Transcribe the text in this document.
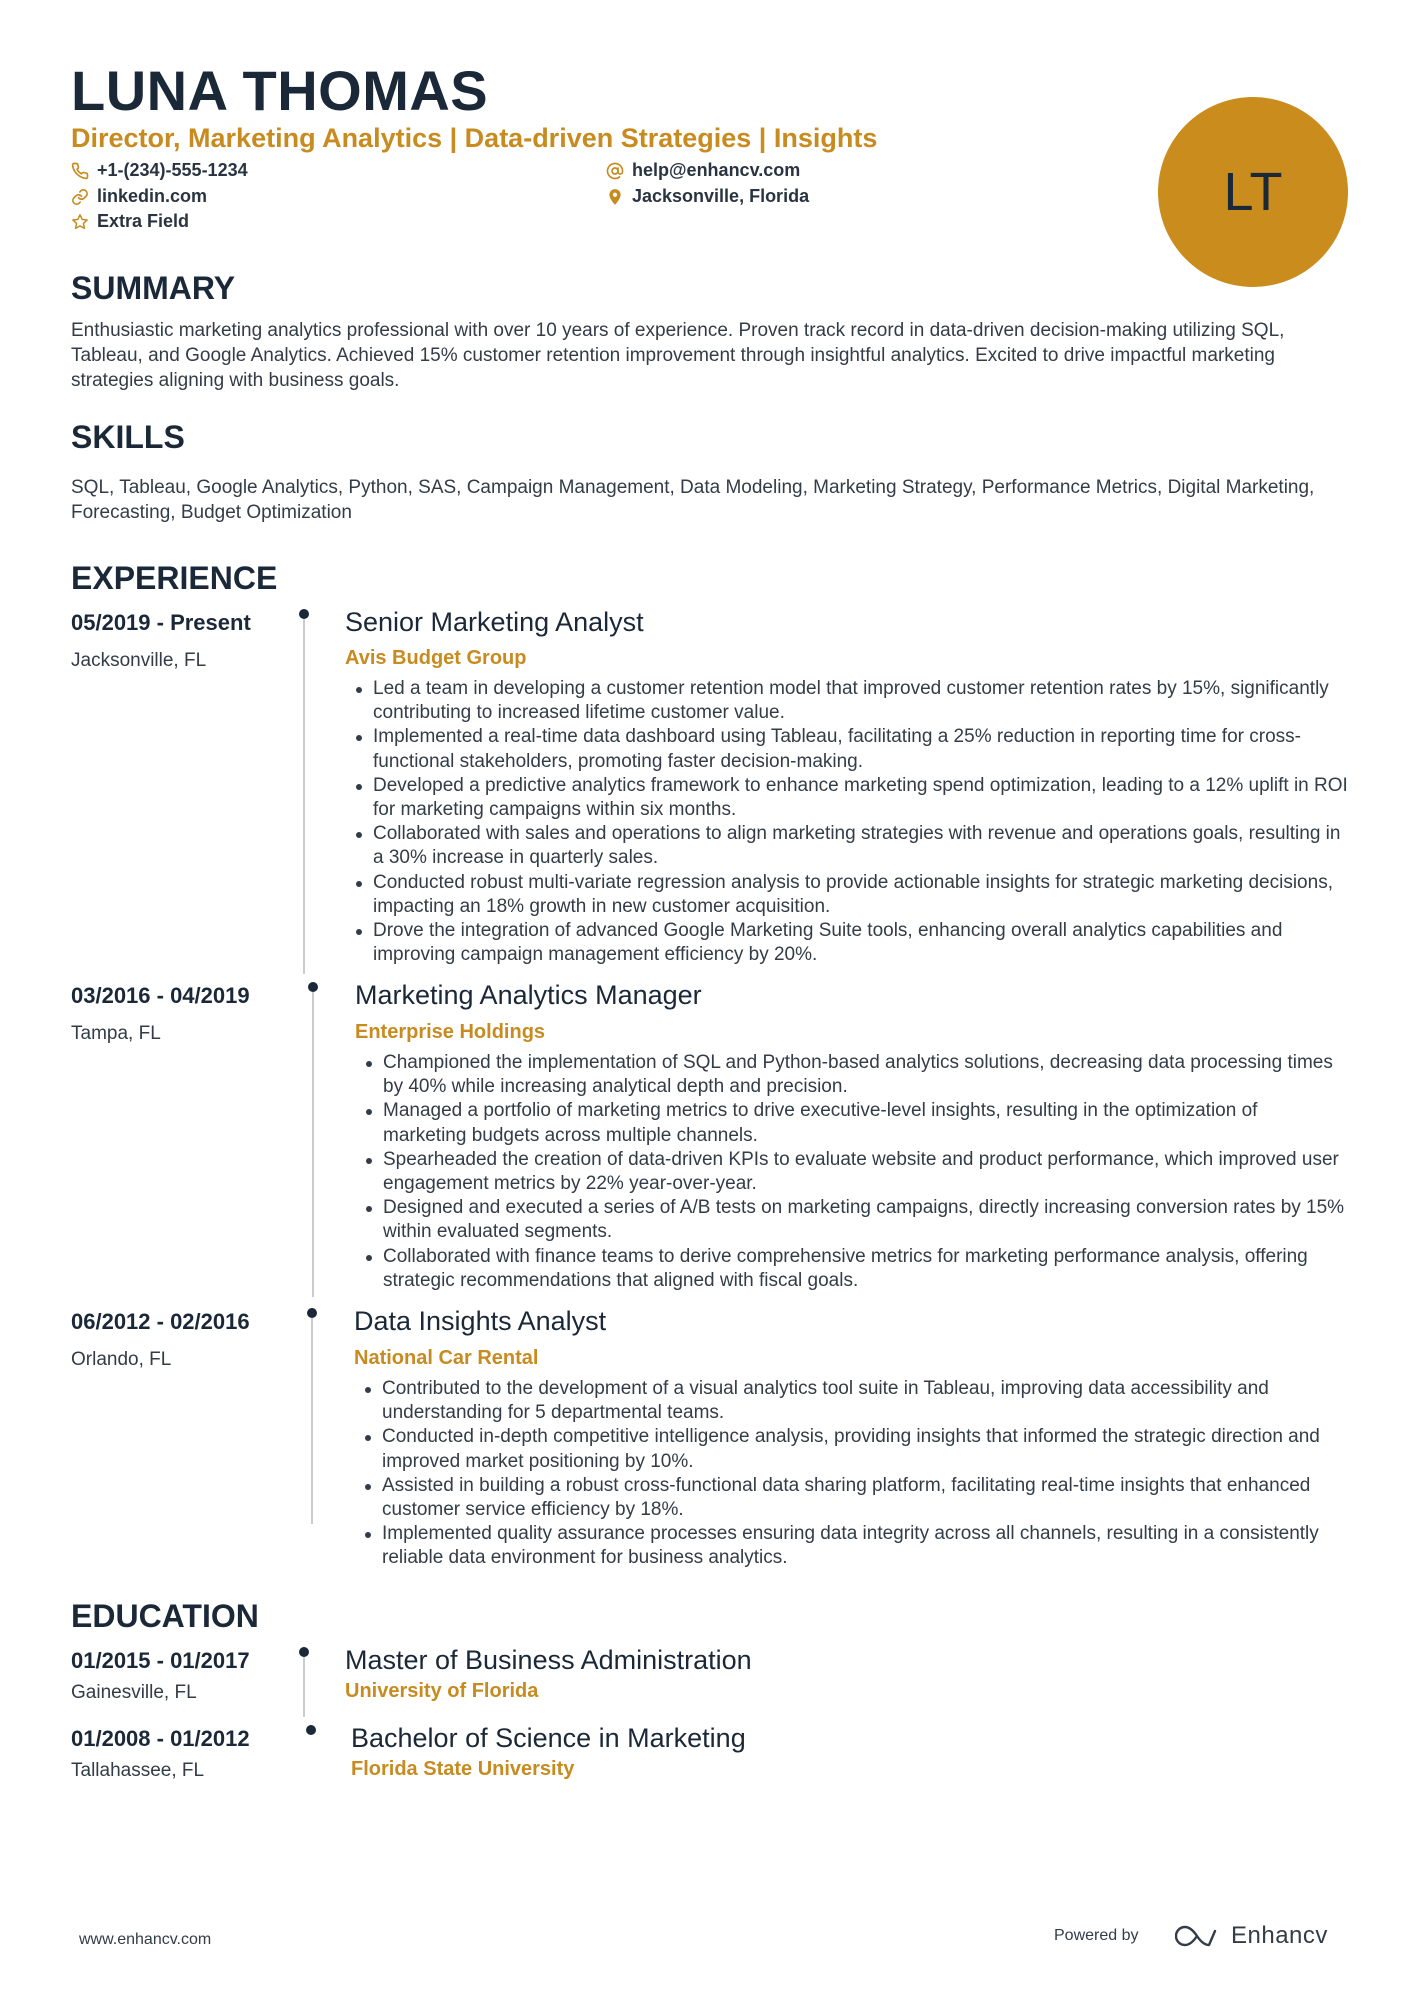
LUNA THOMAS
Director, Marketing Analytics | Data-driven Strategies | Insights
+1-(234)-555-1234	help@enhancv.com
linkedin.com	Jacksonville, Florida
Extra Field	LT
SUMMARY
Enthusiastic marketing analytics professional with over 10 years of experience. Proven track record in data-driven decision-making utilizing SQL, Tableau, and Google Analytics. Achieved 15% customer retention improvement through insightful analytics. Excited to drive impactful marketing strategies aligning with business goals.
SKILLS
SQL, Tableau, Google Analytics, Python, SAS, Campaign Management, Data Modeling, Marketing Strategy, Performance Metrics, Digital Marketing, Forecasting, Budget Optimization
EXPERIENCE
05/2019 - Present
Jacksonville, FL
Senior Marketing Analyst
Avis Budget Group
Led a team in developing a customer retention model that improved customer retention rates by 15%, significantly contributing to increased lifetime customer value.
Implemented a real-time data dashboard using Tableau, facilitating a 25% reduction in reporting time for cross-functional stakeholders, promoting faster decision-making.
Developed a predictive analytics framework to enhance marketing spend optimization, leading to a 12% uplift in ROI for marketing campaigns within six months.
Collaborated with sales and operations to align marketing strategies with revenue and operations goals, resulting in a 30% increase in quarterly sales.
Conducted robust multi-variate regression analysis to provide actionable insights for strategic marketing decisions, impacting an 18% growth in new customer acquisition.
Drove the integration of advanced Google Marketing Suite tools, enhancing overall analytics capabilities and improving campaign management efficiency by 20%.
03/2016 - 04/2019
Tampa, FL
Marketing Analytics Manager
Enterprise Holdings
Championed the implementation of SQL and Python-based analytics solutions, decreasing data processing times by 40% while increasing analytical depth and precision.
Managed a portfolio of marketing metrics to drive executive-level insights, resulting in the optimization of marketing budgets across multiple channels.
Spearheaded the creation of data-driven KPIs to evaluate website and product performance, which improved user engagement metrics by 22% year-over-year.
Designed and executed a series of A/B tests on marketing campaigns, directly increasing conversion rates by 15% within evaluated segments.
Collaborated with finance teams to derive comprehensive metrics for marketing performance analysis, offering strategic recommendations that aligned with fiscal goals.
06/2012 - 02/2016
Orlando, FL
Data Insights Analyst
National Car Rental
Contributed to the development of a visual analytics tool suite in Tableau, improving data accessibility and understanding for 5 departmental teams.
Conducted in-depth competitive intelligence analysis, providing insights that informed the strategic direction and improved market positioning by 10%.
Assisted in building a robust cross-functional data sharing platform, facilitating real-time insights that enhanced customer service efficiency by 18%.
Implemented quality assurance processes ensuring data integrity across all channels, resulting in a consistently reliable data environment for business analytics.
EDUCATION
01/2015 - 01/2017
Gainesville, FL
Master of Business Administration
University of Florida
01/2008 - 01/2012
Tallahassee, FL
Bachelor of Science in Marketing
Florida State University
www.enhancv.com	Powered by	Enhancv
